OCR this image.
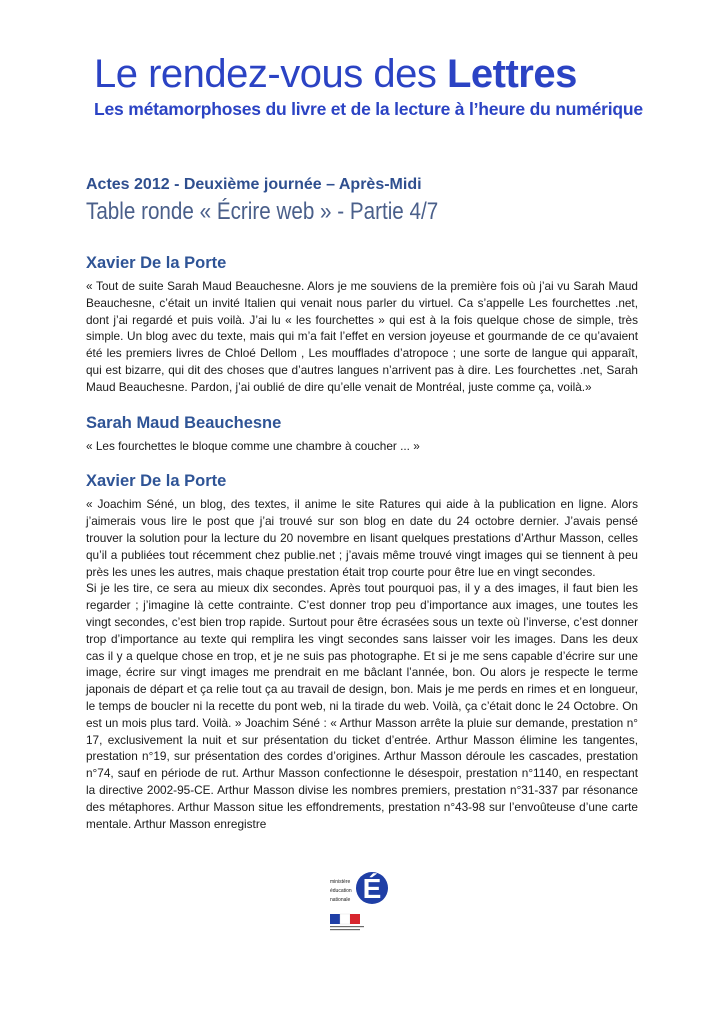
Le rendez-vous des Lettres
Les métamorphoses du livre et de la lecture à l’heure du numérique
Actes 2012 - Deuxième journée – Après-Midi
Table ronde « Écrire web » - Partie 4/7
Xavier De la Porte

« Tout de suite Sarah Maud Beauchesne. Alors je me souviens de la première fois où j’ai vu Sarah Maud Beauchesne, c’était un invité Italien qui venait nous parler du virtuel. Ca s’appelle Les fourchettes .net, dont j’ai regardé et puis voilà. J’ai lu « les fourchettes » qui est à la fois quelque chose de simple, très simple. Un blog avec du texte, mais qui m’a fait l’effet en version joyeuse et gourmande de ce qu’avaient été les premiers livres de Chloé Dellom , Les moufflades d’atropoce ; une sorte de langue qui apparaît, qui est bizarre, qui dit des choses que d’autres langues n’arrivent pas à dire. Les fourchettes .net, Sarah Maud Beauchesne. Pardon, j’ai oublié de dire qu’elle venait de Montréal, juste comme ça, voilà.»

Sarah Maud Beauchesne

« Les fourchettes le bloque comme une chambre à coucher ... »

Xavier De la Porte

« Joachim Séné, un blog, des textes, il anime le site Ratures qui aide à la publication en ligne. Alors j’aimerais vous lire le post que j’ai trouvé sur son blog en date du 24 octobre dernier. J’avais pensé trouver la solution pour la lecture du 20 novembre en lisant quelques prestations d’Arthur Masson, celles qu’il a publiées tout récemment chez publie.net ; j’avais même trouvé vingt images qui se tiennent à peu près les unes les autres, mais chaque prestation était trop courte pour être lue en vingt secondes.

Si je les tire, ce sera au mieux dix secondes. Après tout pourquoi pas, il y a des images, il faut bien les regarder ; j’imagine là cette contrainte. C’est donner trop peu d’importance aux images, une toutes les vingt secondes, c’est bien trop rapide. Surtout pour être écrasées sous un texte où l’inverse, c’est donner trop d’importance au texte qui remplira les vingt secondes sans laisser voir les images. Dans les deux cas il y a quelque chose en trop, et je ne suis pas photographe. Et si je me sens capable d’écrire sur une image, écrire sur vingt images me prendrait en me bâclant l’année, bon. Ou alors je respecte le terme japonais de départ et ça relie tout ça au travail de design, bon. Mais je me perds en rimes et en longueur, le temps de boucler ni la recette du pont web, ni la tirade du web. Voilà, ça c’était donc le 24 Octobre. On est un mois plus tard. Voilà. » Joachim Séné : « Arthur Masson arrête la pluie sur demande, prestation n° 17, exclusivement la nuit et sur présentation du ticket d’entrée. Arthur Masson élimine les tangentes, prestation n°19, sur présentation des cordes d’origines. Arthur Masson déroule les cascades, prestation n°74, sauf en période de rut. Arthur Masson confectionne le désespoir, prestation n°1140, en respectant la directive 2002-95-CE. Arthur Masson divise les nombres premiers, prestation n°31-337 par résonance des métaphores. Arthur Masson situe les effondrements, prestation n°43-98 sur l’envoûteuse d’une carte mentale. Arthur Masson enregistre

ministère
éducation
nationale É
